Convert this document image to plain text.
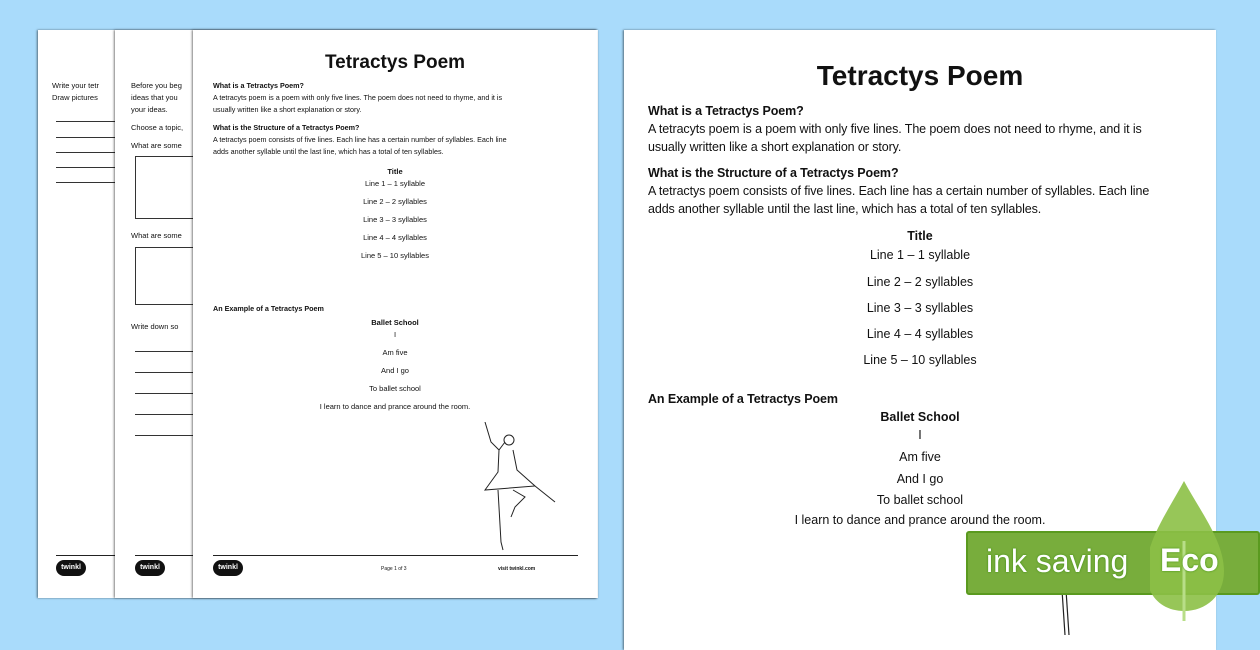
Write your tetr
Draw pictures
twinkl
Before you beg
ideas that you
your ideas.
Choose a topic,
What are some
What are some
Write down so
twinkl
Tetractys Poem
What is a Tetractys Poem?
A tetracyts poem is a poem with only five lines. The poem does not need to rhyme, and it is
usually written like a short explanation or story.
What is the Structure of a Tetractys Poem?
A tetractys poem consists of five lines. Each line has a certain number of syllables. Each line
adds another syllable until the last line, which has a total of ten syllables.
Title
Line 1 – 1 syllable
Line 2 – 2 syllables
Line 3 – 3 syllables
Line 4 – 4 syllables
Line 5 – 10 syllables
An Example of a Tetractys Poem
Ballet School
I
Am five
And I go
To ballet school
I learn to dance and prance around the room.
twinkl	Page 1 of 3	visit twinkl.com
Tetractys Poem
What is a Tetractys Poem?
A tetracyts poem is a poem with only five lines. The poem does not need to rhyme, and it is
usually written like a short explanation or story.
What is the Structure of a Tetractys Poem?
A tetractys poem consists of five lines. Each line has a certain number of syllables. Each line
adds another syllable until the last line, which has a total of ten syllables.
Title
Line 1 – 1 syllable
Line 2 – 2 syllables
Line 3 – 3 syllables
Line 4 – 4 syllables
Line 5 – 10 syllables
An Example of a Tetractys Poem
Ballet School
I
Am five
And I go
To ballet school
I learn to dance and prance around the room.
ink saving Eco
